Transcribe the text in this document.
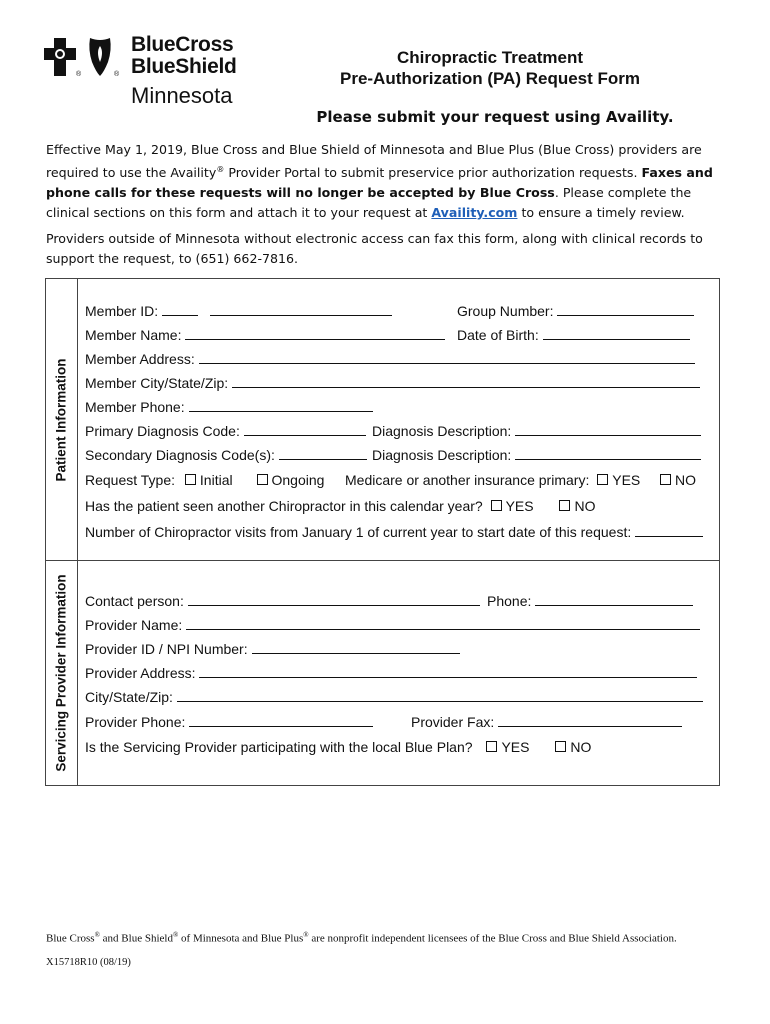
®	®
BlueCross
BlueShield
Minnesota
Chiropractic Treatment
Pre-Authorization (PA) Request Form
Please submit your request using Availity.
Effective May 1, 2019, Blue Cross and Blue Shield of Minnesota and Blue Plus (Blue Cross) providers are required to use the Availity® Provider Portal to submit preservice prior authorization requests. Faxes and phone calls for these requests will no longer be accepted by Blue Cross. Please complete the clinical sections on this form and attach it to your request at Availity.com to ensure a timely review.
Providers outside of Minnesota without electronic access can fax this form, along with clinical records to support the request, to (651) 662-7816.
Patient Information
Member ID:	Group Number:
Member Name:	Date of Birth:
Member Address:
Member City/State/Zip:
Member Phone:
Primary Diagnosis Code:	Diagnosis Description:
Secondary Diagnosis Code(s):	Diagnosis Description:
Request Type: Initial	Ongoing Medicare or another insurance primary: YES	NO
Has the patient seen another Chiropractor in this calendar year? YES	NO
Number of Chiropractor visits from January 1 of current year to start date of this request:
Servicing Provider Information Contact person:	Phone:
Provider Name:
Provider ID / NPI Number:
Provider Address:
City/State/Zip:
Provider Phone:	Provider Fax:
Is the Servicing Provider participating with the local Blue Plan? YES	NO
Blue Cross® and Blue Shield® of Minnesota and Blue Plus® are nonprofit independent licensees of the Blue Cross and Blue Shield Association.
X15718R10 (08/19)
